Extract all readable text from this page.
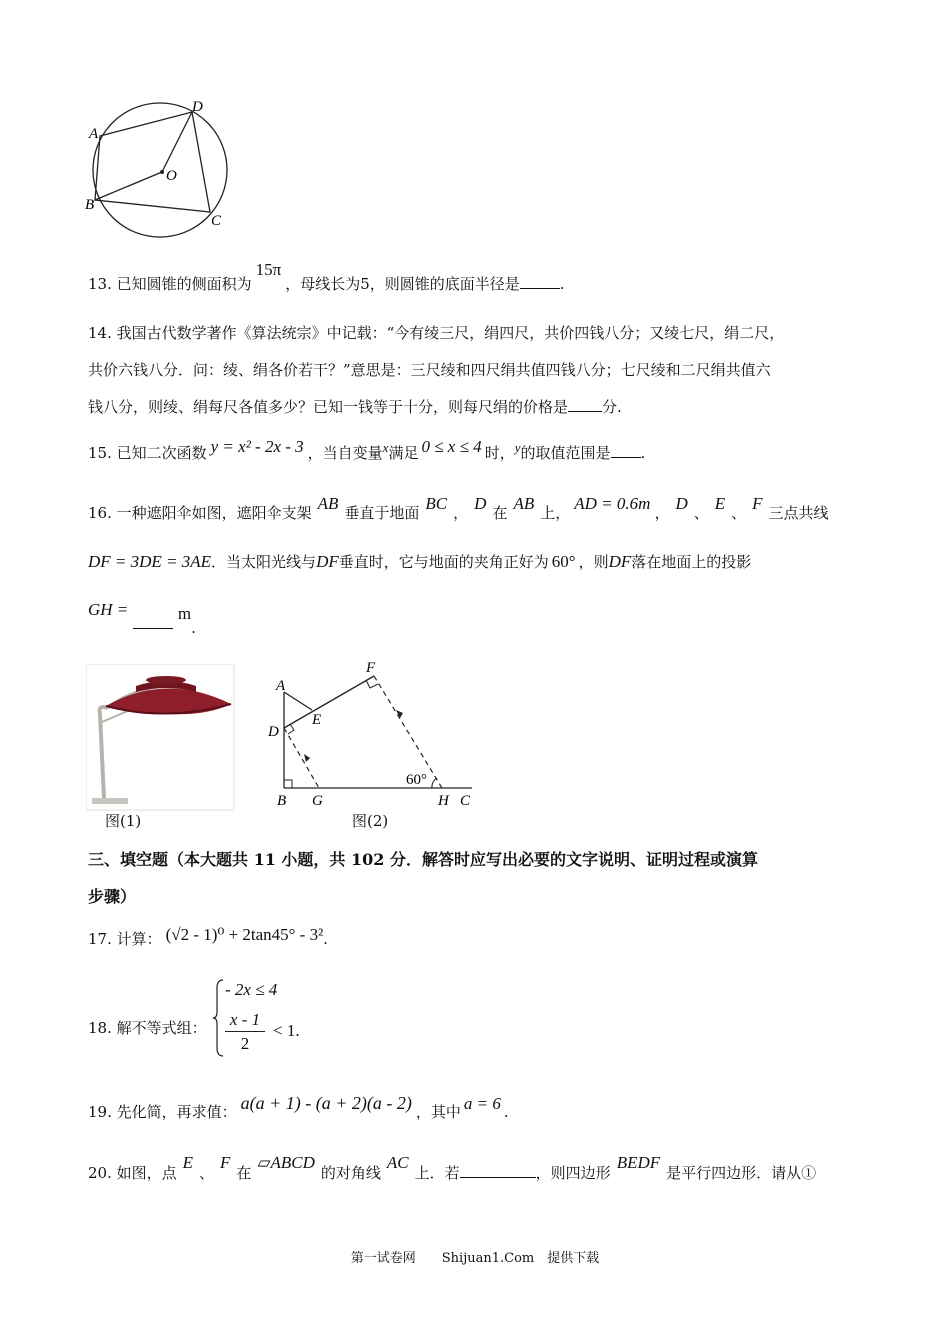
A
D
O
B
C
13. 已知圆锥的侧面积为15π，母线长为5，则圆锥的底面半径是	.
14. 我国古代数学著作《算法统宗》中记载：“今有绫三尺，绢四尺，共价四钱八分；又绫七尺，绢二尺，
共价六钱八分．问：绫、绢各价若干？”意思是：三尺绫和四尺绢共值四钱八分；七尺绫和二尺绢共值六
钱八分，则绫、绢每尺各值多少？已知一钱等于十分，则每尺绢的价格是 分.
15. 已知二次函数 y = x² - 2x - 3 ，当自变量x满足 0 ≤ x ≤ 4 时，y的取值范围是 .
16. 一种遮阳伞如图，遮阳伞支架 AB 垂直于地面 BC ， D 在 AB 上， AD = 0.6m ， D 、 E 、 F 三点共线
DF = 3DE = 3AE．当太阳光线与DF垂直时，它与地面的夹角正好为 60° ，则DF落在地面上的投影
GH =	m.
图(1)
A
F
E
D
60°
B G	H C
图(2)
三、填空题（本大题共 11 小题，共 102 分．解答时应写出必要的文字说明、证明过程或演算
步骤）
17. 计算： (√2 - 1)⁰ + 2tan45° - 3².
18. 解不等式组：
- 2x ≤ 4
x - 1
2
< 1.
19. 先化简，再求值： a(a + 1) - (a + 2)(a - 2) ，其中 a = 6 .
20. 如图，点E、F在▱ABCD的对角线AC上．若	，则四边形BEDF是平行四边形．请从①
第一试卷网　　Shijuan1.Com　提供下载
